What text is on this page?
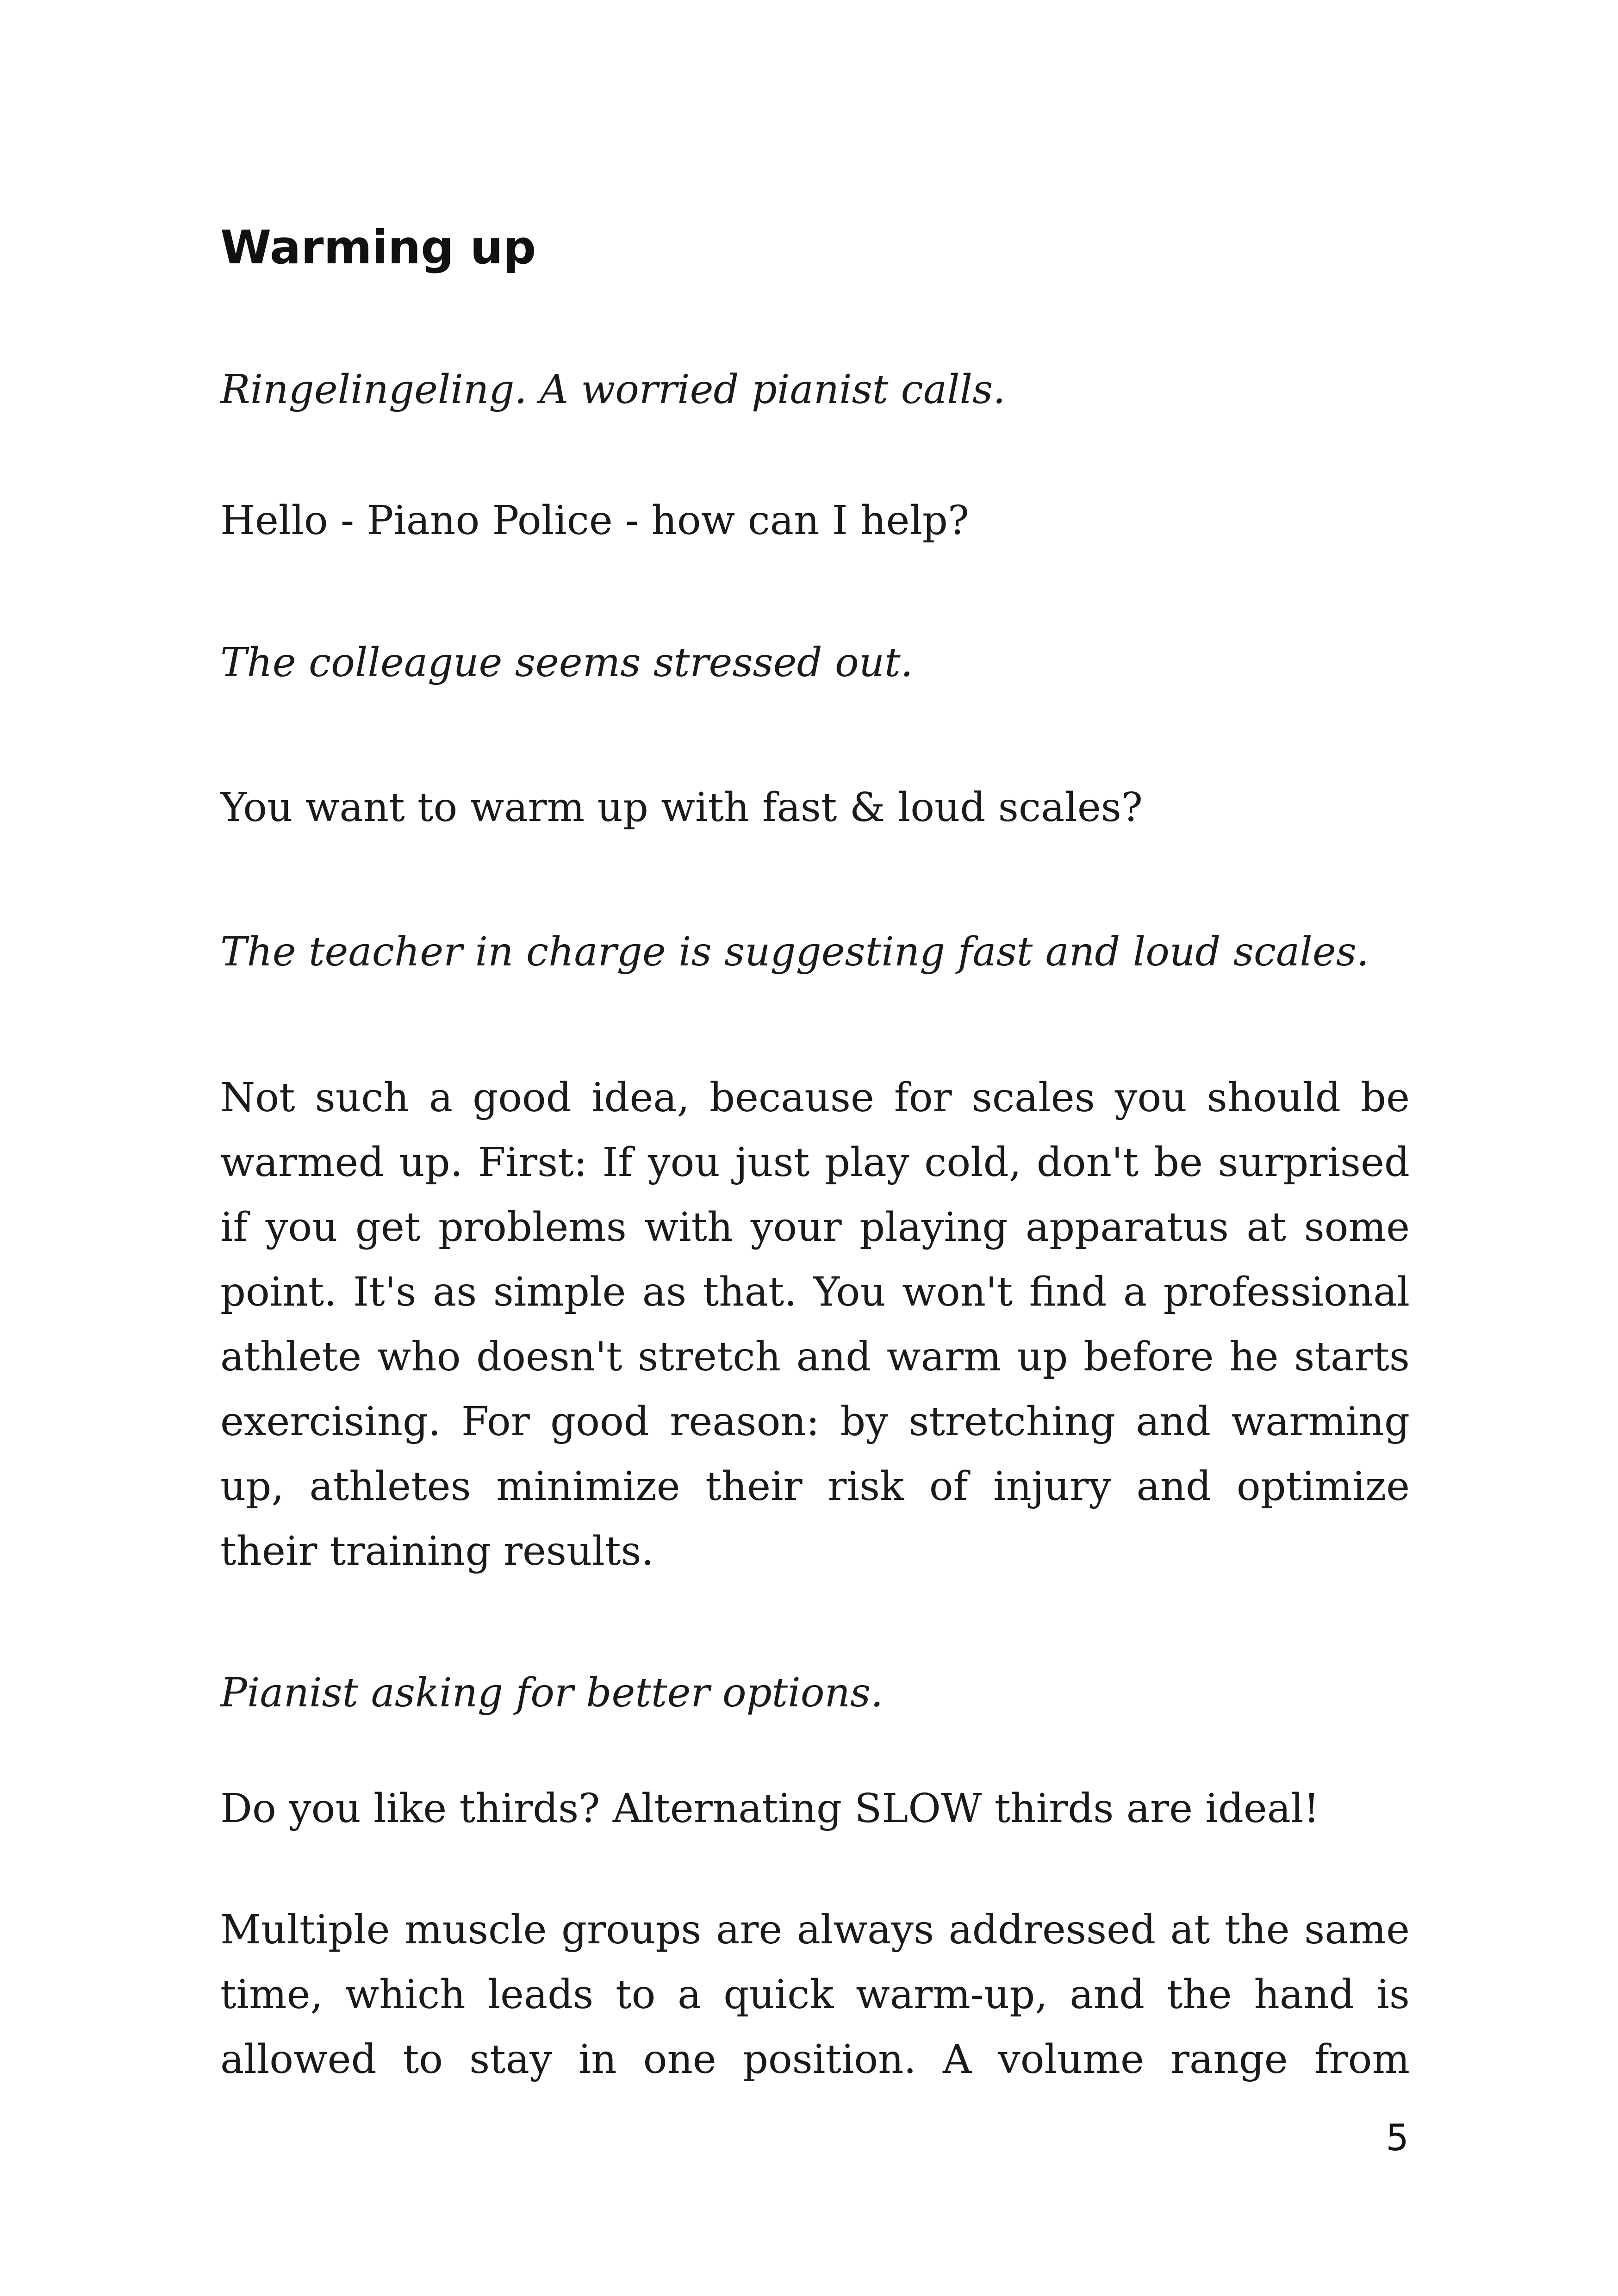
Warming up

Ringelingeling. A worried pianist calls.

Hello - Piano Police - how can I help?

The colleague seems stressed out.

You want to warm up with fast & loud scales?

The teacher in charge is suggesting fast and loud scales.

Not such a good idea, because for scales you should be warmed up. First: If you just play cold, don't be surprised if you get problems with your playing apparatus at some point. It's as simple as that. You won't find a professional athlete who doesn't stretch and warm up before he starts exercising. For good reason: by stretching and warming up, athletes minimize their risk of injury and optimize their training results.

Pianist asking for better options.

Do you like thirds? Alternating SLOW thirds are ideal!

Multiple muscle groups are always addressed at the same time, which leads to a quick warm-up, and the hand is allowed to stay in one position. A volume range from

5
